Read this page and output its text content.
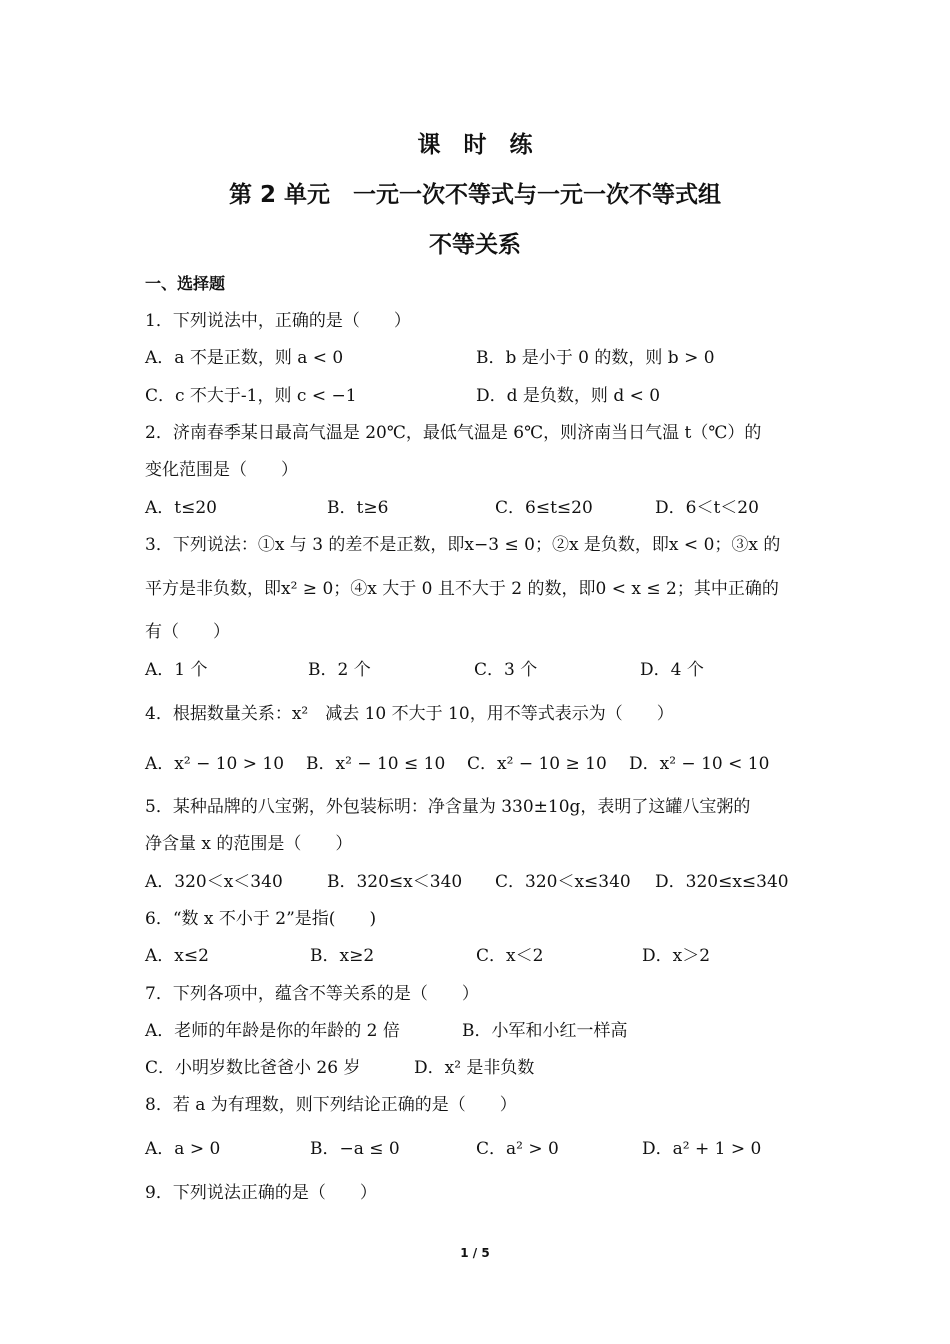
课　时　练
第 2 单元　一元一次不等式与一元一次不等式组
不等关系
一、选择题
1．下列说法中，正确的是（　　）
A．a 不是正数，则 a < 0	B．b 是小于 0 的数，则 b > 0
C．c 不大于-1，则 c < −1	D．d 是负数，则 d < 0
2．济南春季某日最高气温是 20℃，最低气温是 6℃，则济南当日气温 t（℃）的
变化范围是（　　）
A．t≤20	B．t≥6	C．6≤t≤20	D．6＜t＜20
3．下列说法：①x 与 3 的差不是正数，即x−3 ≤ 0；②x 是负数，即x < 0；③x 的
平方是非负数，即x² ≥ 0；④x 大于 0 且不大于 2 的数，即0 < x ≤ 2；其中正确的
有（　　）
A．1 个	B．2 个	C．3 个	D．4 个
4．根据数量关系：x²　减去 10 不大于 10，用不等式表示为（　　）
A．x² − 10 > 10 B．x² − 10 ≤ 10 C．x² − 10 ≥ 10 D．x² − 10 < 10
5．某种品牌的八宝粥，外包装标明：净含量为 330±10g，表明了这罐八宝粥的
净含量 x 的范围是（　　）
A．320＜x＜340	B．320≤x＜340 C．320＜x≤340 D．320≤x≤340
6．“数 x 不小于 2”是指(　　)
A．x≤2	B．x≥2	C．x＜2	D．x＞2
7．下列各项中，蕴含不等关系的是（　　）
A．老师的年龄是你的年龄的 2 倍	B．小军和小红一样高
C．小明岁数比爸爸小 26 岁	D．x² 是非负数
8．若 a 为有理数，则下列结论正确的是（　　）
A．a > 0	B．−a ≤ 0	C．a² > 0	D．a² + 1 > 0
9．下列说法正确的是（　　）
1 / 5
